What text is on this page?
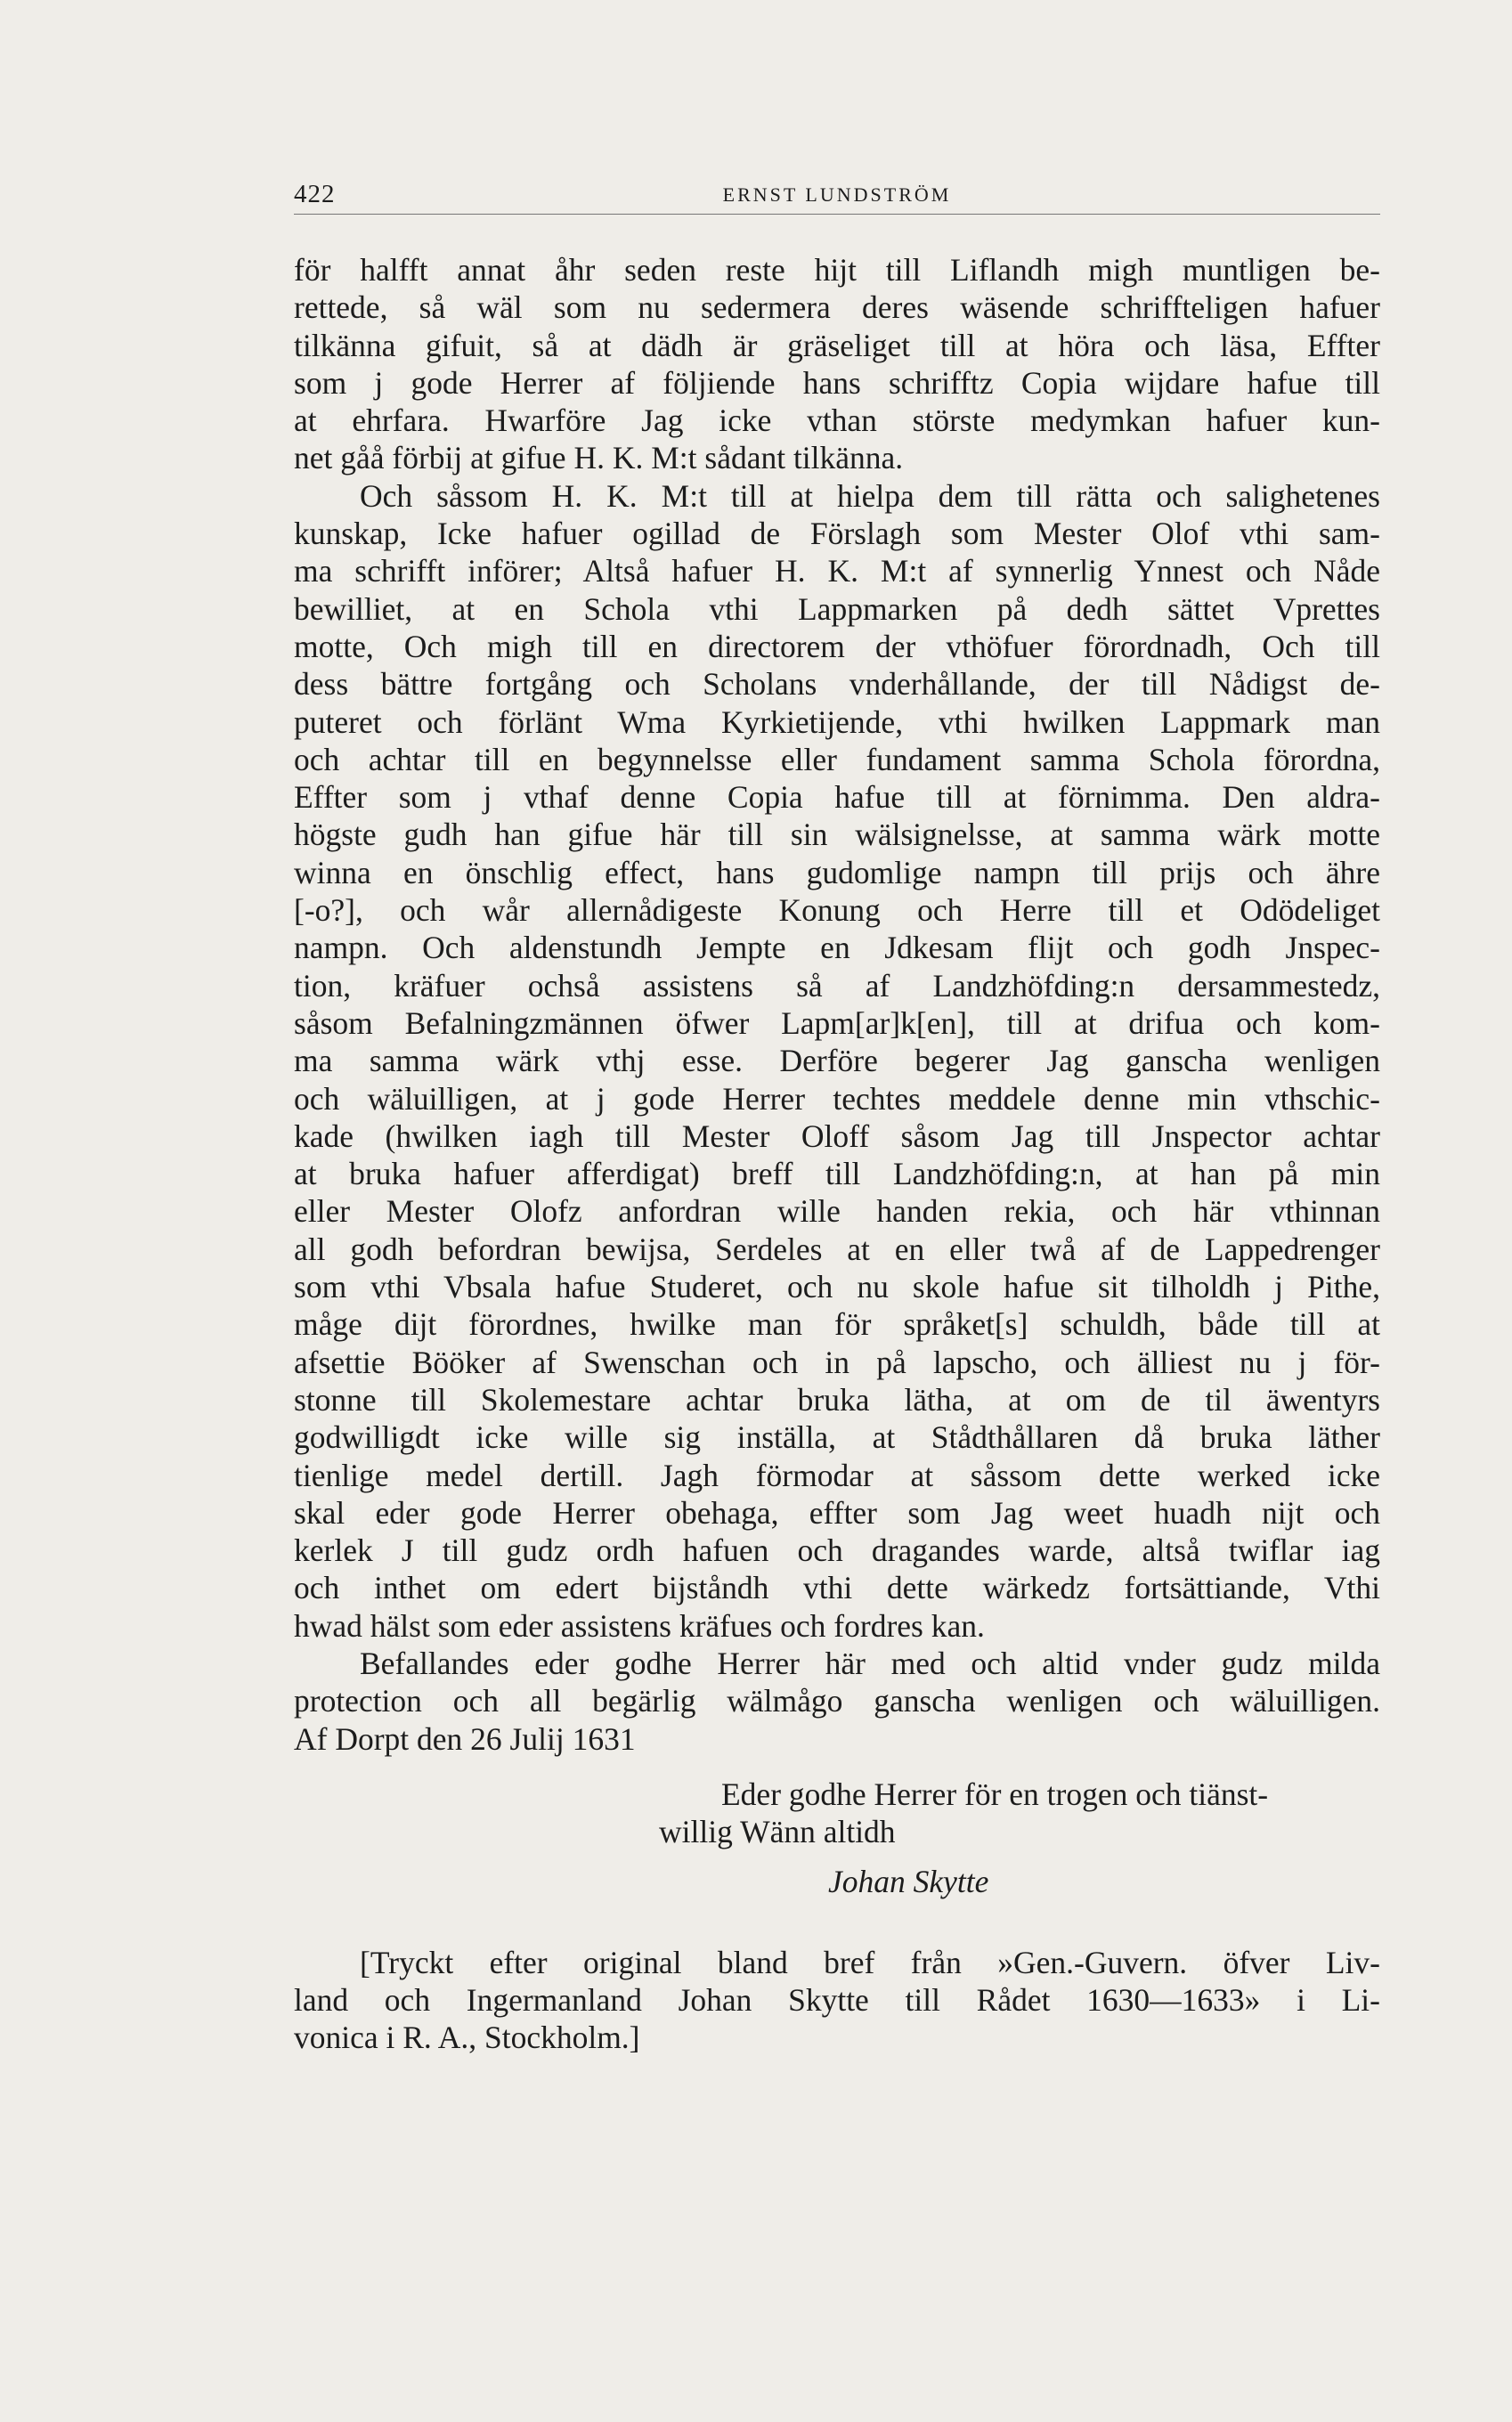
422	ERNST LUNDSTRÖM
för halfft annat åhr seden reste hijt till Liflandh migh muntligen be-
rettede, så wäl som nu sedermera deres wäsende schriffteligen hafuer
tilkänna gifuit, så at dädh är gräseliget till at höra och läsa, Effter
som j gode Herrer af följiende hans schrifftz Copia wijdare hafue till
at ehrfara. Hwarföre Jag icke vthan störste medymkan hafuer kun-
net gåå förbij at gifue H. K. M:t sådant tilkänna.
Och såssom H. K. M:t till at hielpa dem till rätta och salighetenes
kunskap, Icke hafuer ogillad de Förslagh som Mester Olof vthi sam-
ma schrifft införer; Altså hafuer H. K. M:t af synnerlig Ynnest och Nåde
bewilliet, at en Schola vthi Lappmarken på dedh sättet Vprettes
motte, Och migh till en directorem der vthöfuer förordnadh, Och till
dess bättre fortgång och Scholans vnderhållande, der till Nådigst de-
puteret och förlänt Wma Kyrkietijende, vthi hwilken Lappmark man
och achtar till en begynnelsse eller fundament samma Schola förordna,
Effter som j vthaf denne Copia hafue till at förnimma. Den aldra-
högste gudh han gifue här till sin wälsignelsse, at samma wärk motte
winna en önschlig effect, hans gudomlige nampn till prijs och ähre
[-o?], och wår allernådigeste Konung och Herre till et Odödeliget
nampn. Och aldenstundh Jempte en Jdkesam flijt och godh Jnspec-
tion, kräfuer ochså assistens så af Landzhöfding:n dersammestedz,
såsom Befalningzmännen öfwer Lapm[ar]k[en], till at drifua och kom-
ma samma wärk vthj esse. Derföre begerer Jag ganscha wenligen
och wäluilligen, at j gode Herrer techtes meddele denne min vthschic-
kade (hwilken iagh till Mester Oloff såsom Jag till Jnspector achtar
at bruka hafuer afferdigat) breff till Landzhöfding:n, at han på min
eller Mester Olofz anfordran wille handen rekia, och här vthinnan
all godh befordran bewijsa, Serdeles at en eller twå af de Lappedrenger
som vthi Vbsala hafue Studeret, och nu skole hafue sit tilholdh j Pithe,
måge dijt förordnes, hwilke man för språket[s] schuldh, både till at
afsettie Bööker af Swenschan och in på lapscho, och älliest nu j för-
stonne till Skolemestare achtar bruka lätha, at om de til äwentyrs
godwilligdt icke wille sig inställa, at Stådthållaren då bruka läther
tienlige medel dertill. Jagh förmodar at såssom dette werked icke
skal eder gode Herrer obehaga, effter som Jag weet huadh nijt och
kerlek J till gudz ordh hafuen och dragandes warde, altså twiflar iag
och inthet om edert bijståndh vthi dette wärkedz fortsättiande, Vthi
hwad hälst som eder assistens kräfues och fordres kan.
Befallandes eder godhe Herrer här med och altid vnder gudz milda
protection och all begärlig wälmågo ganscha wenligen och wäluilligen.
Af Dorpt den 26 Julij 1631
Eder godhe Herrer för en trogen och tiänst-
willig Wänn altidh
Johan Skytte
[Tryckt efter original bland bref från »Gen.-Guvern. öfver Liv-
land och Ingermanland Johan Skytte till Rådet 1630—1633» i Li-
vonica i R. A., Stockholm.]
